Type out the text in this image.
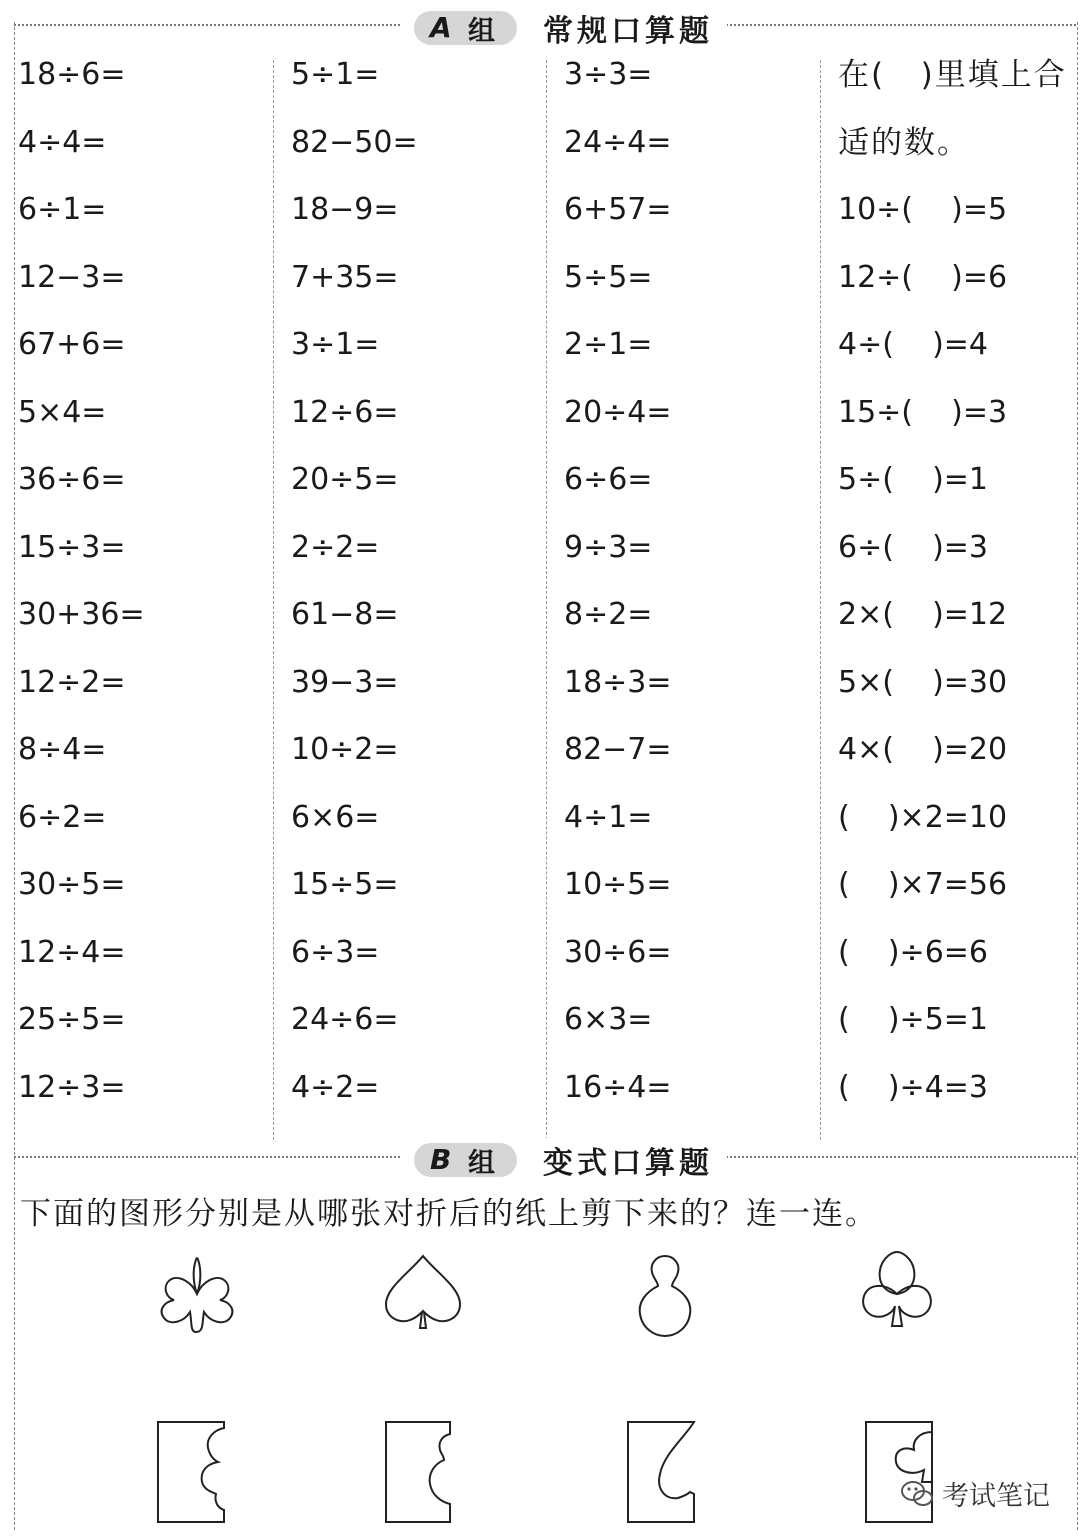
A 组 常规口算题
18÷6=
4÷4=
6÷1=
12−3=
67+6=
5×4=
36÷6=
15÷3=
30+36=
12÷2=
8÷4=
6÷2=
30÷5=
12÷4=
25÷5=
12÷3=
5÷1=
82−50=
18−9=
7+35=
3÷1=
12÷6=
20÷5=
2÷2=
61−8=
39−3=
10÷2=
6×6=
15÷5=
6÷3=
24÷6=
4÷2=
3÷3=
24÷4=
6+57=
5÷5=
2÷1=
20÷4=
6÷6=
9÷3=
8÷2=
18÷3=
82−7=
4÷1=
10÷5=
30÷6=
6×3=
16÷4=
在(   )里填上合
适的数。
10÷(    )=5
12÷(    )=6
4÷(    )=4
15÷(    )=3
5÷(    )=1
6÷(    )=3
2×(    )=12
5×(    )=30
4×(    )=20
(    )×2=10
(    )×7=56
(    )÷6=6
(    )÷5=1
(    )÷4=3
B 组 变式口算题
下面的图形分别是从哪张对折后的纸上剪下来的？连一连。
考试笔记
